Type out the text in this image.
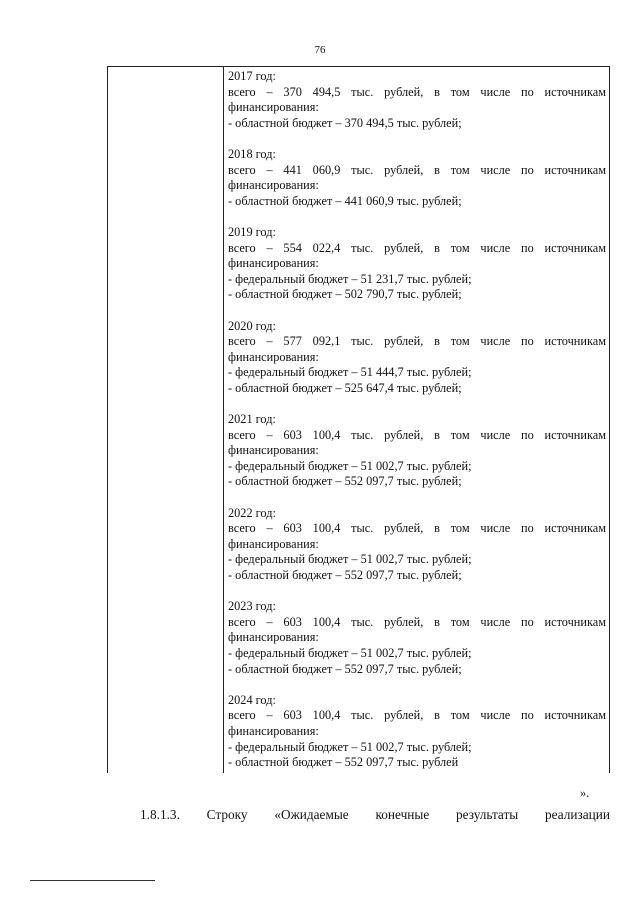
76
2017 год:
всего – 370 494,5 тыс. рублей, в том числе по источникам финансирования:
- областной бюджет – 370 494,5 тыс. рублей;
2018 год:
всего – 441 060,9 тыс. рублей, в том числе по источникам финансирования:
- областной бюджет – 441 060,9 тыс. рублей;
2019 год:
всего – 554 022,4 тыс. рублей, в том числе по источникам финансирования:
- федеральный бюджет – 51 231,7 тыс. рублей;
- областной бюджет – 502 790,7 тыс. рублей;
2020 год:
всего – 577 092,1 тыс. рублей, в том числе по источникам финансирования:
- федеральный бюджет – 51 444,7 тыс. рублей;
- областной бюджет – 525 647,4 тыс. рублей;
2021 год:
всего – 603 100,4 тыс. рублей, в том числе по источникам финансирования:
- федеральный бюджет – 51 002,7 тыс. рублей;
- областной бюджет – 552 097,7 тыс. рублей;
2022 год:
всего – 603 100,4 тыс. рублей, в том числе по источникам финансирования:
- федеральный бюджет – 51 002,7 тыс. рублей;
- областной бюджет – 552 097,7 тыс. рублей;
2023 год:
всего – 603 100,4 тыс. рублей, в том числе по источникам финансирования:
- федеральный бюджет – 51 002,7 тыс. рублей;
- областной бюджет – 552 097,7 тыс. рублей;
2024 год:
всего – 603 100,4 тыс. рублей, в том числе по источникам финансирования:
- федеральный бюджет – 51 002,7 тыс. рублей;
- областной бюджет – 552 097,7 тыс. рублей
».
1.8.1.3. Строку «Ожидаемые конечные результаты реализации
